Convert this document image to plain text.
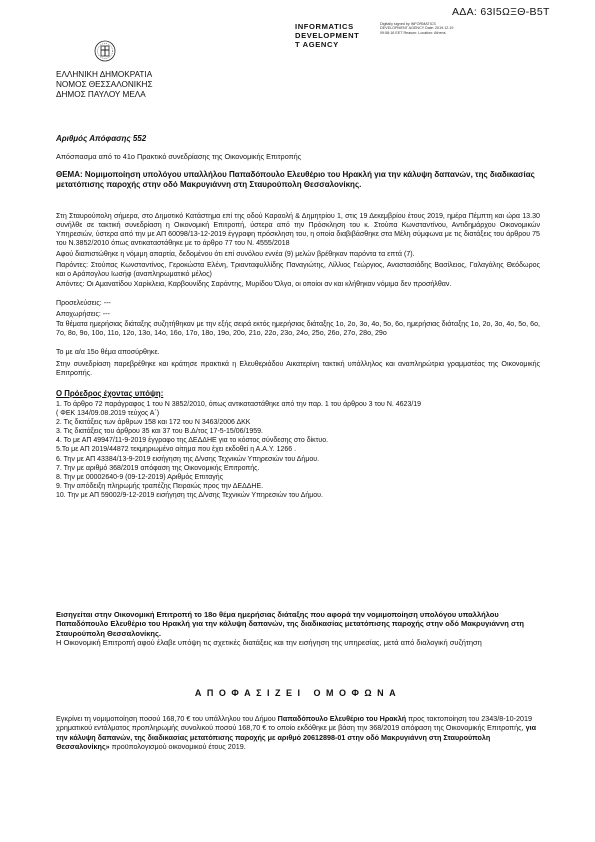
ΑΔΑ: 63Ι5ΩΞΘ-Β5Τ
INFORMATICS
DEVELOPMENT
T AGENCY
Digitally signed by INFORMATICS DEVELOPMENT AGENCY Date: 2019.12.19 09:58:16 EET Reason: Location: Athens
ΕΛΛΗΝΙΚΗ ΔΗΜΟΚΡΑΤΙΑ
ΝΟΜΟΣ ΘΕΣΣΑΛΟΝΙΚΗΣ
ΔΗΜΟΣ ΠΑΥΛΟΥ ΜΕΛΑ
Αριθμός Απόφασης 552
Απόσπασμα από το 41ο Πρακτικό συνεδρίασης της Οικονομικής Επιτροπής
ΘΕΜΑ: Νομιμοποίηση υπολόγου υπαλλήλου Παπαδόπουλο Ελευθέριο του Ηρακλή για την κάλυψη δαπανών, της διαδικασίας μετατόπισης παροχής στην οδό Μακρυγιάννη στη Σταυρούπολη Θεσσαλονίκης.
Στη Σταυρούπολη σήμερα, στο Δημοτικό Κατάστημα επί της οδού Καραολή & Δημητρίου 1, στις 19 Δεκεμβρίου έτους 2019, ημέρα Πέμπτη και ώρα 13.30 συνήλθε σε τακτική συνεδρίαση η Οικονομική Επιτροπή, ύστερα από την Πρόσκληση του κ. Στούπα Κωνσταντίνου, Αντιδημάρχου Οικονομικών Υπηρεσιών, ύστερα από την με ΑΠ 60098/13-12-2019 έγγραφη πρόσκληση του, η οποία διαβιβάσθηκε στα Μέλη σύμφωνα με τις διατάξεις του άρθρου 75 του Ν.3852/2010 όπως αντικαταστάθηκε με το άρθρο 77 του Ν. 4555/2018
Αφού διαπιστώθηκε η νόμιμη απαρτία, δεδομένου ότι επί συνόλου εννέα (9) μελών βρέθηκαν παρόντα τα επτά (7).
Παρόντες: Στούπας Κωνσταντίνος, Γεροκώστα Ελένη, Τριανταφυλλίδης Παναγιώτης, Λίλλιος Γεώργιος, Αναστασιάδης Βασίλειος, Γαλαγάλης Θεόδωρος και ο Αράπογλου Ιωσήφ (αναπληρωματικό μέλος)
Απόντες: Οι Αμανατίδου Χαρίκλεια, Καρβουνίδης Σαράντης, Μυρίδου Όλγα, οι οποίοι αν και κλήθηκαν νόμιμα δεν προσήλθαν.
Προσελεύσεις: ---
Αποχωρήσεις: ---
Τα θέματα ημερήσιας διάταξης συζητήθηκαν με την εξής σειρά εκτός ημερήσιας διάταξης 1ο, 2ο, 3ο, 4ο, 5ο, 6ο, ημερήσιας διάταξης 1ο, 2ο, 3ο, 4ο, 5ο, 6ο, 7ο, 8ο, 9ο, 10ο, 11ο, 12ο, 13ο, 14ο, 16ο, 17ο, 18ο, 19ο, 20ο, 21ο, 22ο, 23ο, 24ο, 25ο, 26ο, 27ο, 28ο, 29ο
Το με α/α 15ο θέμα αποσύρθηκε.
Στην συνεδρίαση παρεβρέθηκε και κράτησε πρακτικά η Ελευθεριάδου Αικατερίνη τακτική υπάλληλος και αναπληρώτρια γραμματέας της Οικονομικής Επιτροπής.
Ο Πρόεδρος έχοντας υπόψη:
1. Το άρθρο 72 παράγραφος 1 του Ν 3852/2010, όπως αντικαταστάθηκε από την παρ. 1 του άρθρου 3 του Ν. 4623/19
( ΦΕΚ 134/09.08.2019 τεύχος Α΄)
2. Τις διατάξεις των άρθρων 158 και 172 του Ν 3463/2006 ΔΚΚ
3. Τις διατάξεις του άρθρου 35 και 37 του Β.Δ/τος 17-5-15/06/1959.
4. Το με ΑΠ 49947/11-9-2019 έγγραφο της ΔΕΔΔΗΕ για το κόστος σύνδεσης στο δίκτυο.
5.Το με ΑΠ 2019/44872 τεκμηριωμένο αίτημα που έχει εκδοθεί η Α.Α.Υ. 1266 .
6. Την με ΑΠ 43384/13-9-2019 εισήγηση της Δ/νσης Τεχνικών Υπηρεσιών του Δήμου.
7. Την με αριθμό 368/2019 απόφαση της Οικονομικής Επιτροπής.
8. Την με 00002640-9 (09-12-2019) Αριθμός Επιταγής
9. Την απόδειξη πληρωμής τραπέζης Πειραιώς προς την ΔΕΔΔΗΕ.
10. Την με ΑΠ 59002/9-12-2019 εισήγηση της Δ/νσης Τεχνικών Υπηρεσιών του Δήμου.
Εισηγείται στην Οικονομική Επιτροπή το 18ο θέμα ημερήσιας διάταξης που αφορά την νομιμοποίηση υπολόγου υπαλλήλου Παπαδόπουλο Ελευθέριο του Ηρακλή για την κάλυψη δαπανών, της διαδικασίας μετατόπισης παροχής στην οδό Μακρυγιάννη στη Σταυρούπολη Θεσσαλονίκης.
Η Οικονομική Επιτροπή αφού έλαβε υπόψη τις σχετικές διατάξεις και την εισήγηση της υπηρεσίας, μετά από διαλογική συζήτηση
ΑΠΟΦΑΣΙΖΕΙ ΟΜΟΦΩΝΑ
Εγκρίνει τη νομιμοποίηση ποσού 168,70 € του υπάλληλου του Δήμου Παπαδόπουλο Ελευθέριο του Ηρακλή προς τακτοποίηση του 2343/8-10-2019 χρηματικού εντάλματος προπληρωμής συνολικού ποσού 168,70 € το οποίο εκδόθηκε με βάση την 368/2019 απόφαση της Οικονομικής Επιτροπής, για την κάλυψη δαπανών, της διαδικασίας μετατόπισης παροχής με αριθμό 20612898-01 στην οδό Μακρυγιάννη στη Σταυρούπολη Θεσσαλονίκης» προϋπολογισμού οικονομικού έτους 2019.
